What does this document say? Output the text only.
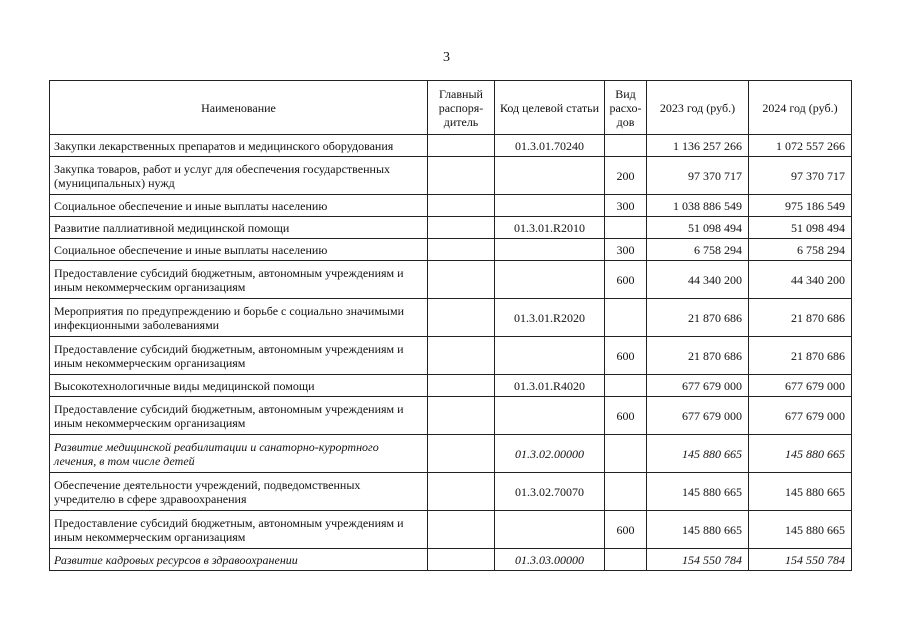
3
Наименование	Главный распоря- дитель	Код целевой статьи	Вид расхо- дов	2023 год (руб.)	2024 год (руб.)
Закупки лекарственных препаратов и медицинского оборудования		01.3.01.70240		1 136 257 266	1 072 557 266
Закупка товаров, работ и услуг для обеспечения государственных (муниципальных) нужд			200	97 370 717	97 370 717
Социальное обеспечение и иные выплаты населению			300	1 038 886 549	975 186 549
Развитие паллиативной медицинской помощи		01.3.01.R2010		51 098 494	51 098 494
Социальное обеспечение и иные выплаты населению			300	6 758 294	6 758 294
Предоставление субсидий бюджетным, автономным учреждениям и иным некоммерческим организациям			600	44 340 200	44 340 200
Мероприятия по предупреждению и борьбе с социально значимыми инфекционными заболеваниями		01.3.01.R2020		21 870 686	21 870 686
Предоставление субсидий бюджетным, автономным учреждениям и иным некоммерческим организациям			600	21 870 686	21 870 686
Высокотехнологичные виды медицинской помощи		01.3.01.R4020		677 679 000	677 679 000
Предоставление субсидий бюджетным, автономным учреждениям и иным некоммерческим организациям			600	677 679 000	677 679 000
Развитие медицинской реабилитации и санаторно-курортного лечения, в том числе детей		01.3.02.00000		145 880 665	145 880 665
Обеспечение деятельности учреждений, подведомственных учредителю в сфере здравоохранения		01.3.02.70070		145 880 665	145 880 665
Предоставление субсидий бюджетным, автономным учреждениям и иным некоммерческим организациям			600	145 880 665	145 880 665
Развитие кадровых ресурсов в здравоохранении		01.3.03.00000		154 550 784	154 550 784
